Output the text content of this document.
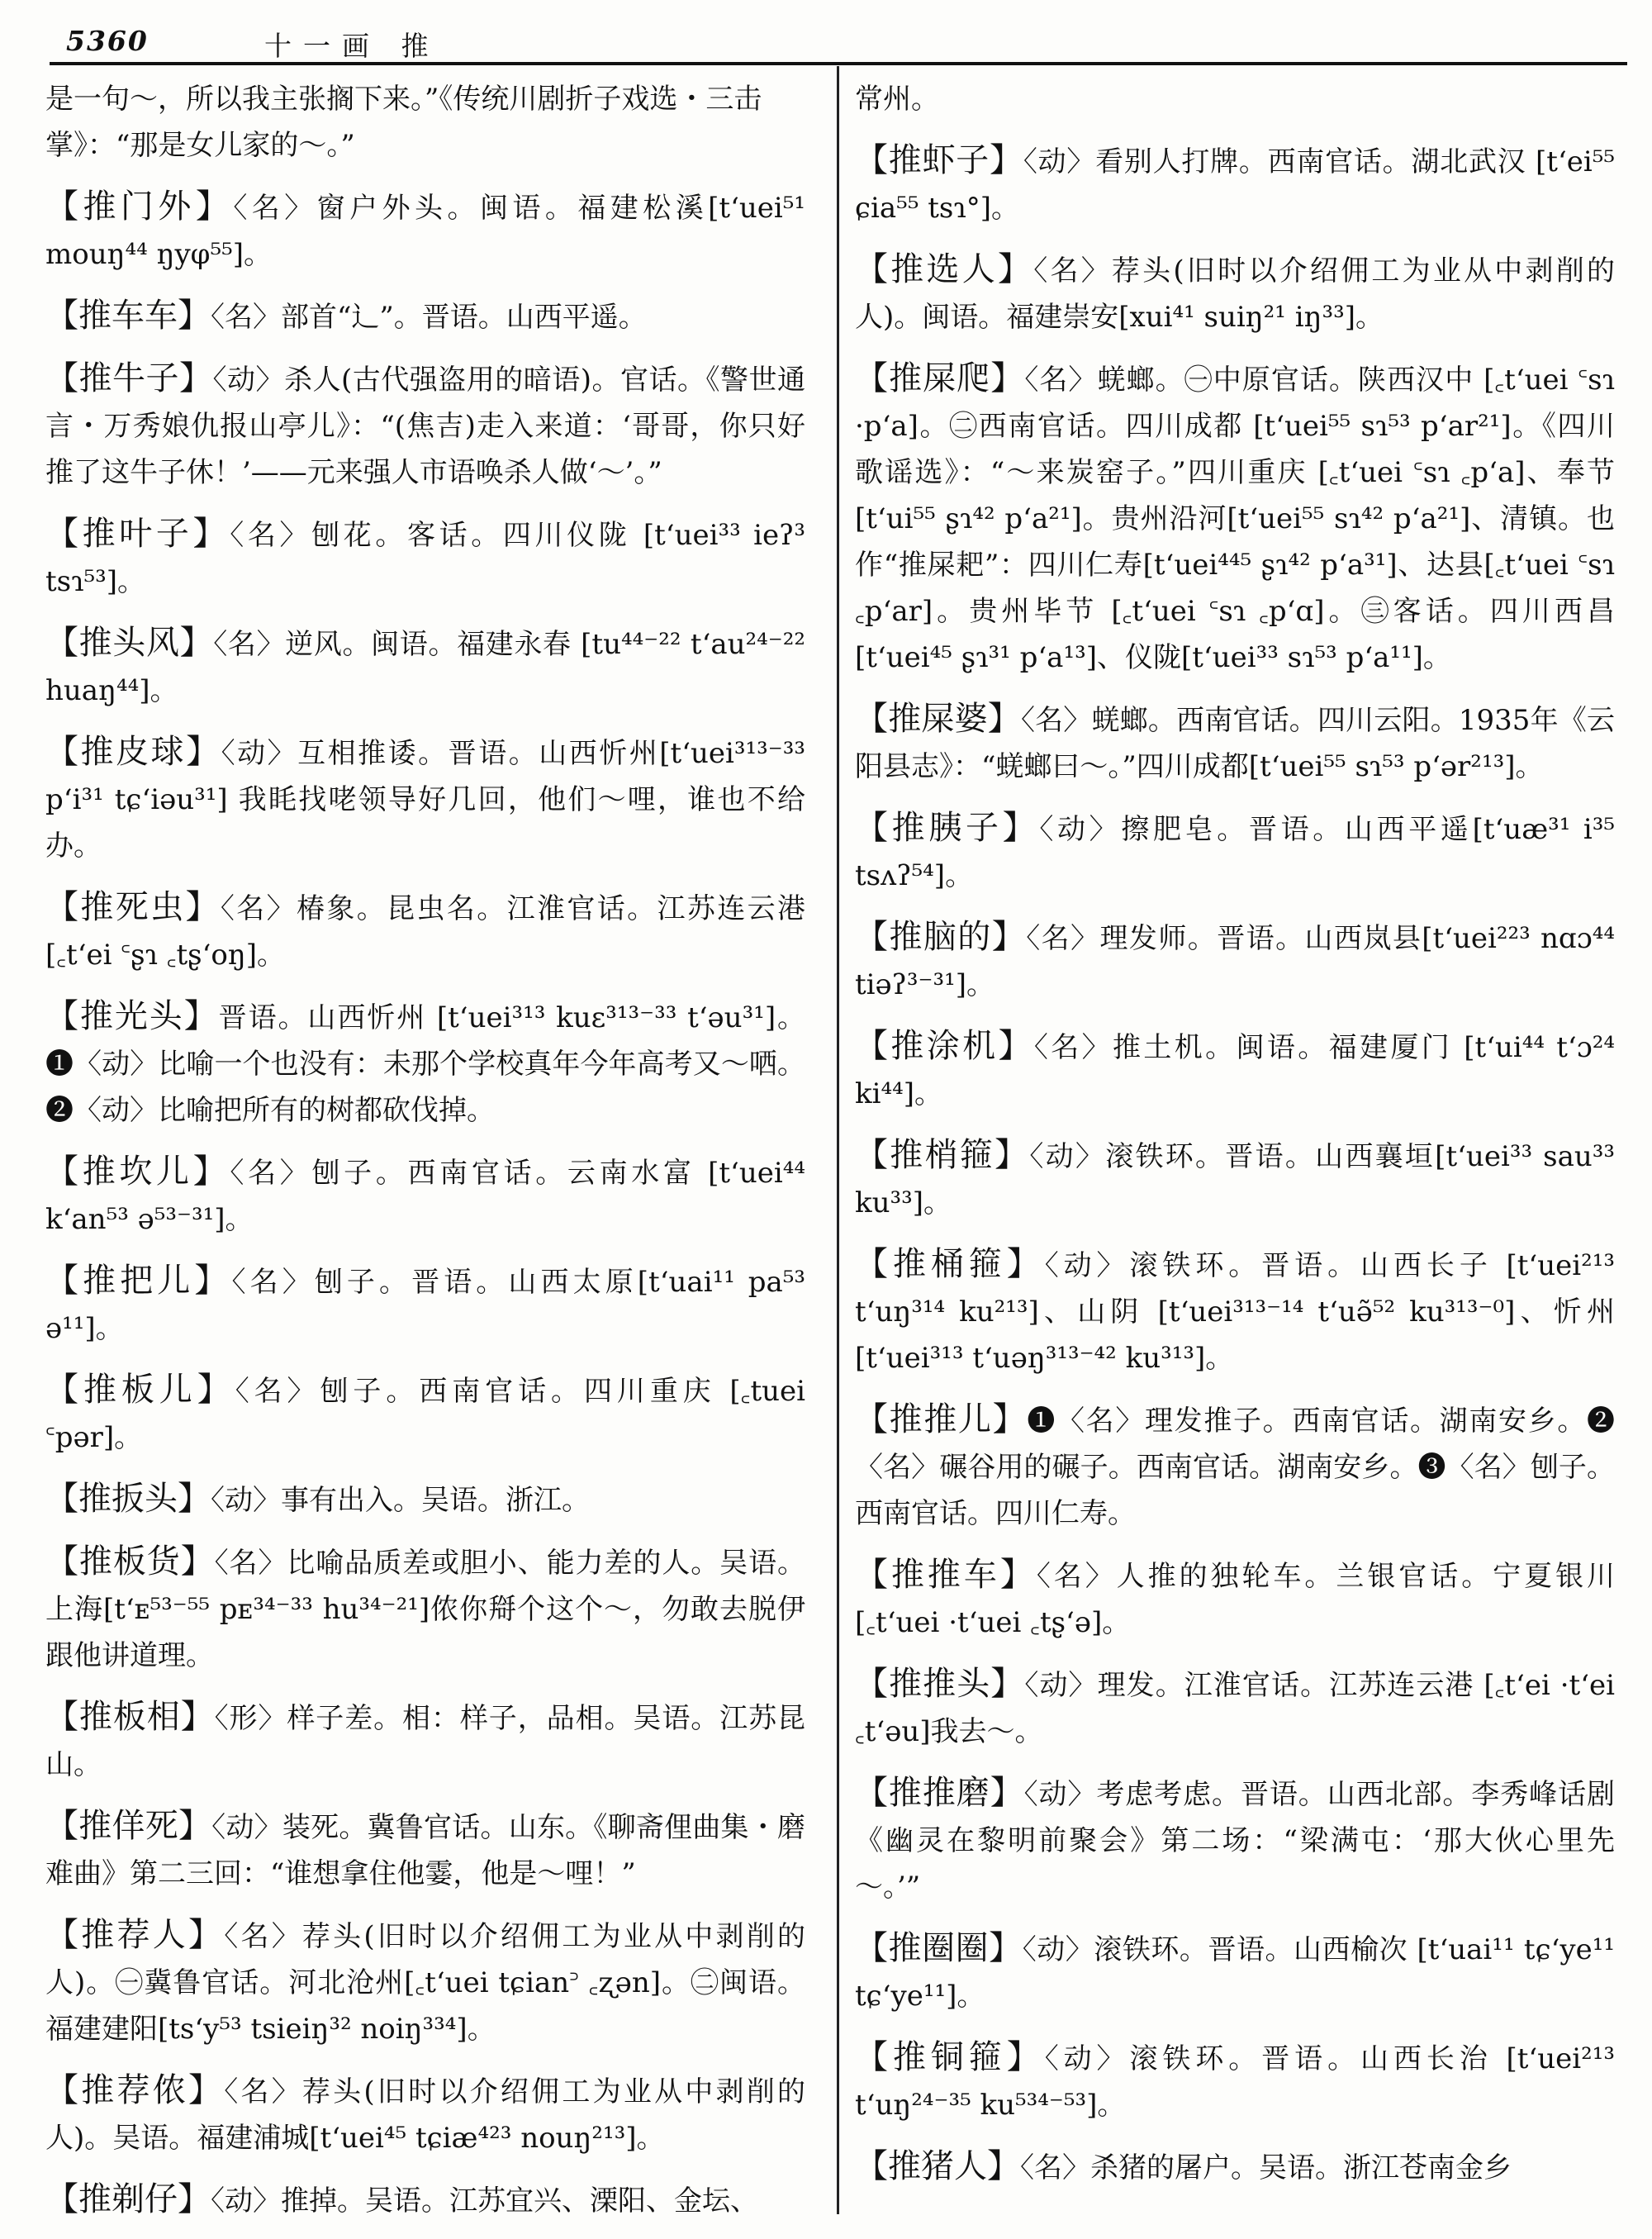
5360	十一画 推

是一句～，所以我主张搁下来。”《传统川剧折子戏选・三击掌》：“那是女儿家的～。”

【推门外】〈名〉窗户外头。闽语。福建松溪[tʻuei⁵¹ mouŋ⁴⁴ ŋyφ⁵⁵]。

【推车车】〈名〉部首“辶”。晋语。山西平遥。

【推牛子】〈动〉杀人(古代强盗用的暗语)。官话。《警世通言・万秀娘仇报山亭儿》：“(焦吉)走入来道：‘哥哥，你只好推了这牛子休！’——元来强人市语唤杀人做‘～’。”

【推叶子】〈名〉刨花。客话。四川仪陇 [tʻuei³³ ieʔ³ tsɿ⁵³]。

【推头风】〈名〉逆风。闽语。福建永春 [tu⁴⁴⁻²² tʻau²⁴⁻²² huaŋ⁴⁴]。

【推皮球】〈动〉互相推诿。晋语。山西忻州[tʻuei³¹³⁻³³ pʻi³¹ tɕʻiəu³¹] 我眊找咾领导好几回，他们～哩，谁也不给办。

【推死虫】〈名〉椿象。昆虫名。江淮官话。江苏连云港 [꜀tʻei ꜂ʂɿ ꜀tʂʻoŋ]。

【推光头】晋语。山西忻州 [tʻuei³¹³ kuɛ³¹³⁻³³ tʻəu³¹]。❶〈动〉比喻一个也没有：未那个学校真年今年高考又～哂。❷〈动〉比喻把所有的树都砍伐掉。

【推坎儿】〈名〉刨子。西南官话。云南水富 [tʻuei⁴⁴ kʻan⁵³ ə⁵³⁻³¹]。

【推把儿】〈名〉刨子。晋语。山西太原[tʻuai¹¹ pa⁵³ ə¹¹]。

【推板儿】〈名〉刨子。西南官话。四川重庆 [꜀tuei ꜂pər]。

【推扳头】〈动〉事有出入。吴语。浙江。

【推板货】〈名〉比喻品质差或胆小、能力差的人。吴语。上海[tʻᴇ⁵³⁻⁵⁵ pᴇ³⁴⁻³³ hu³⁴⁻²¹]侬你搿个这个～，勿敢去脱伊跟他讲道理。

【推板相】〈形〉样子差。相：样子，品相。吴语。江苏昆山。

【推佯死】〈动〉装死。冀鲁官话。山东。《聊斋俚曲集・磨难曲》第二三回：“谁想拿住他霎，他是～哩！”

【推荐人】〈名〉荐头(旧时以介绍佣工为业从中剥削的人)。㊀冀鲁官话。河北沧州[꜀tʻuei tɕian꜄ ꜀ʐən]。㊁闽语。福建建阳[tsʻy⁵³ tsieiŋ³² noiŋ³³⁴]。

【推荐侬】〈名〉荐头(旧时以介绍佣工为业从中剥削的人)。吴语。福建浦城[tʻuei⁴⁵ tɕiæ⁴²³ nouŋ²¹³]。

【推剃仔】〈动〉推掉。吴语。江苏宜兴、溧阳、金坛、

常州。

【推虾子】〈动〉看别人打牌。西南官话。湖北武汉 [tʻei⁵⁵ ɕia⁵⁵ tsɿ°]。

【推选人】〈名〉荐头(旧时以介绍佣工为业从中剥削的人)。闽语。福建崇安[xui⁴¹ suiŋ²¹ iŋ³³]。

【推屎爬】〈名〉蜣螂。㊀中原官话。陕西汉中 [꜀tʻuei ꜂sɿ ·pʻa]。㊁西南官话。四川成都 [tʻuei⁵⁵ sɿ⁵³ pʻar²¹]。《四川歌谣选》：“～来炭窑子。”四川重庆 [꜀tʻuei ꜂sɿ ꜀pʻa]、奉节[tʻui⁵⁵ ʂɿ⁴² pʻa²¹]。贵州沿河[tʻuei⁵⁵ sɿ⁴² pʻa²¹]、清镇。也作“推屎耙”：四川仁寿[tʻuei⁴⁴⁵ ʂɿ⁴² pʻa³¹]、达县[꜀tʻuei ꜂sɿ ꜀pʻar]。贵州毕节 [꜀tʻuei ꜂sɿ ꜀pʻɑ]。㊂客话。四川西昌 [tʻuei⁴⁵ ʂɿ³¹ pʻa¹³]、仪陇[tʻuei³³ sɿ⁵³ pʻa¹¹]。

【推屎婆】〈名〉蜣螂。西南官话。四川云阳。1935年《云阳县志》：“蜣螂曰～。”四川成都[tʻuei⁵⁵ sɿ⁵³ pʻər²¹³]。

【推胰子】〈动〉擦肥皂。晋语。山西平遥[tʻuæ³¹ i³⁵ tsʌʔ⁵⁴]。

【推脑的】〈名〉理发师。晋语。山西岚县[tʻuei²²³ nɑɔ⁴⁴ tiəʔ³⁻³¹]。

【推涂机】〈名〉推土机。闽语。福建厦门 [tʻui⁴⁴ tʻɔ²⁴ ki⁴⁴]。

【推梢箍】〈动〉滚铁环。晋语。山西襄垣[tʻuei³³ sau³³ ku³³]。

【推桶箍】〈动〉滚铁环。晋语。山西长子 [tʻuei²¹³ tʻuŋ³¹⁴ ku²¹³]、山阴 [tʻuei³¹³⁻¹⁴ tʻuə̃⁵² ku³¹³⁻⁰]、忻州[tʻuei³¹³ tʻuəŋ³¹³⁻⁴² ku³¹³]。

【推推儿】❶〈名〉理发推子。西南官话。湖南安乡。❷〈名〉碾谷用的碾子。西南官话。湖南安乡。❸〈名〉刨子。西南官话。四川仁寿。

【推推车】〈名〉人推的独轮车。兰银官话。宁夏银川 [꜀tʻuei ·tʻuei ꜀tʂʻə]。

【推推头】〈动〉理发。江淮官话。江苏连云港 [꜀tʻei ·tʻei ꜀tʻəu]我去～。

【推推磨】〈动〉考虑考虑。晋语。山西北部。李秀峰话剧《幽灵在黎明前聚会》第二场：“梁满屯：‘那大伙心里先～。’”

【推圈圈】〈动〉滚铁环。晋语。山西榆次 [tʻuai¹¹ tɕʻye¹¹ tɕʻye¹¹]。

【推铜箍】〈动〉滚铁环。晋语。山西长治 [tʻuei²¹³ tʻuŋ²⁴⁻³⁵ ku⁵³⁴⁻⁵³]。

【推猪人】〈名〉杀猪的屠户。吴语。浙江苍南金乡
